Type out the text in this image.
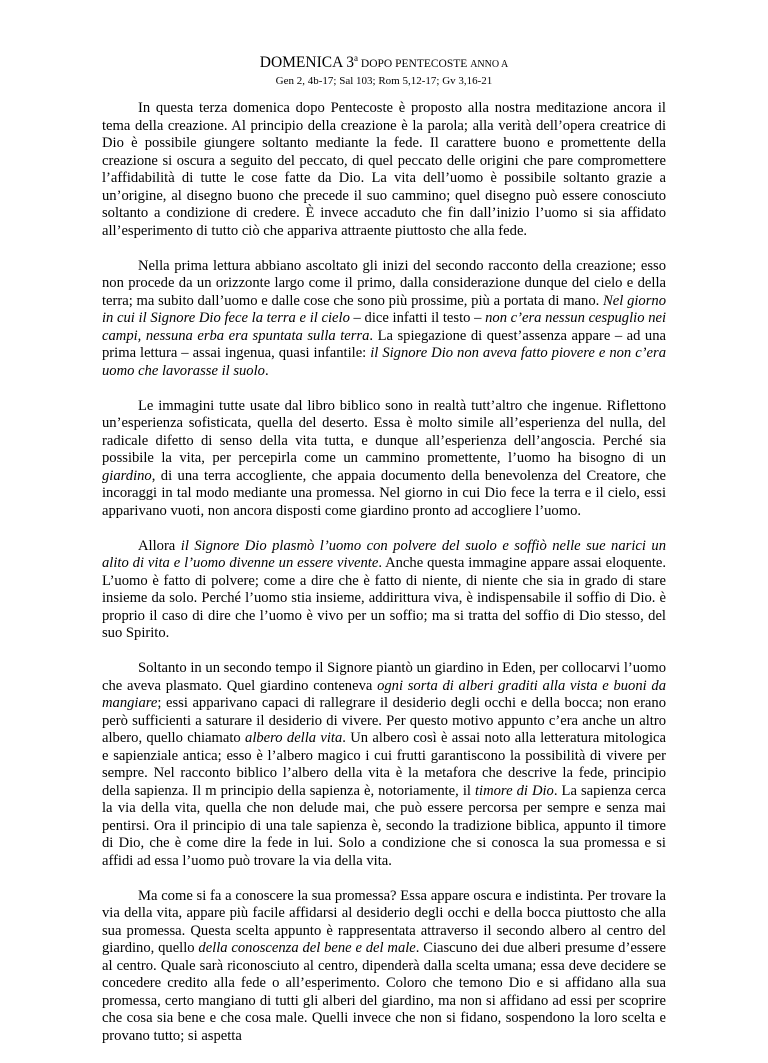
DOMENICA 3$^a$ DOPO PENTECOSTE ANNO A

Gen 2, 4b-17; Sal 103; Rom 5,12-17; Gv 3,16-21

In questa terza domenica dopo Pentecoste è proposto alla nostra meditazione ancora il tema della creazione. Al principio della creazione è la parola; alla verità dell’opera creatrice di Dio è possibile giungere soltanto mediante la fede. Il carattere buono e promettente della creazione si oscura a seguito del peccato, di quel peccato delle origini che pare compromettere l’affidabilità di tutte le cose fatte da Dio. La vita dell’uomo è possibile soltanto grazie a un’origine, al disegno buono che precede il suo cammino; quel disegno può essere conosciuto soltanto a condizione di credere. È invece accaduto che fin dall’inizio l’uomo si sia affidato all’esperimento di tutto ciò che appariva attraente piuttosto che alla fede.

Nella prima lettura abbiano ascoltato gli inizi del secondo racconto della creazione; esso non procede da un orizzonte largo come il primo, dalla considerazione dunque del cielo e della terra; ma subito dall’uomo e dalle cose che sono più prossime, più a portata di mano. Nel giorno in cui il Signore Dio fece la terra e il cielo – dice infatti il testo – non c’era nessun cespuglio nei campi, nessuna erba era spuntata sulla terra. La spiegazione di quest’assenza appare – ad una prima lettura – assai ingenua, quasi infantile: il Signore Dio non aveva fatto piovere e non c’era uomo che lavorasse il suolo.

Le immagini tutte usate dal libro biblico sono in realtà tutt’altro che ingenue. Riflettono un’esperienza sofisticata, quella del deserto. Essa è molto simile all’esperienza del nulla, del radicale difetto di senso della vita tutta, e dunque all’esperienza dell’angoscia. Perché sia possibile la vita, per percepirla come un cammino promettente, l’uomo ha bisogno di un giardino, di una terra accogliente, che appaia documento della benevolenza del Creatore, che incoraggi in tal modo mediante una promessa. Nel giorno in cui Dio fece la terra e il cielo, essi apparivano vuoti, non ancora disposti come giardino pronto ad accogliere l’uomo.

Allora il Signore Dio plasmò l’uomo con polvere del suolo e soffiò nelle sue narici un alito di vita e l’uomo divenne un essere vivente. Anche questa immagine appare assai eloquente. L’uomo è fatto di polvere; come a dire che è fatto di niente, di niente che sia in grado di stare insieme da solo. Perché l’uomo stia insieme, addirittura viva, è indispensabile il soffio di Dio. è proprio il caso di dire che l’uomo è vivo per un soffio; ma si tratta del soffio di Dio stesso, del suo Spirito.

Soltanto in un secondo tempo il Signore piantò un giardino in Eden, per collocarvi l’uomo che aveva plasmato. Quel giardino conteneva ogni sorta di alberi graditi alla vista e buoni da mangiare; essi apparivano capaci di rallegrare il desiderio degli occhi e della bocca; non erano però sufficienti a saturare il desiderio di vivere. Per questo motivo appunto c’era anche un altro albero, quello chiamato albero della vita. Un albero così è assai noto alla letteratura mitologica e sapienziale antica; esso è l’albero magico i cui frutti garantiscono la possibilità di vivere per sempre. Nel racconto biblico l’albero della vita è la metafora che descrive la fede, principio della sapienza. Il m principio della sapienza è, notoriamente, il timore di Dio. La sapienza cerca la via della vita, quella che non delude mai, che può essere percorsa per sempre e senza mai pentirsi. Ora il principio di una tale sapienza è, secondo la tradizione biblica, appunto il timore di Dio, che è come dire la fede in lui. Solo a condizione che si conosca la sua promessa e si affidi ad essa l’uomo può trovare la via della vita.

Ma come si fa a conoscere la sua promessa? Essa appare oscura e indistinta. Per trovare la via della vita, appare più facile affidarsi al desiderio degli occhi e della bocca piuttosto che alla sua promessa. Questa scelta appunto è rappresentata attraverso il secondo albero al centro del giardino, quello della conoscenza del bene e del male. Ciascuno dei due alberi presume d’essere al centro. Quale sarà riconosciuto al centro, dipenderà dalla scelta umana; essa deve decidere se concedere credito alla fede o all’esperimento. Coloro che temono Dio e si affidano alla sua promessa, certo mangiano di tutti gli alberi del giardino, ma non si affidano ad essi per scoprire che cosa sia bene e che cosa male. Quelli invece che non si fidano, sospendono la loro scelta e provano tutto; si aspetta
